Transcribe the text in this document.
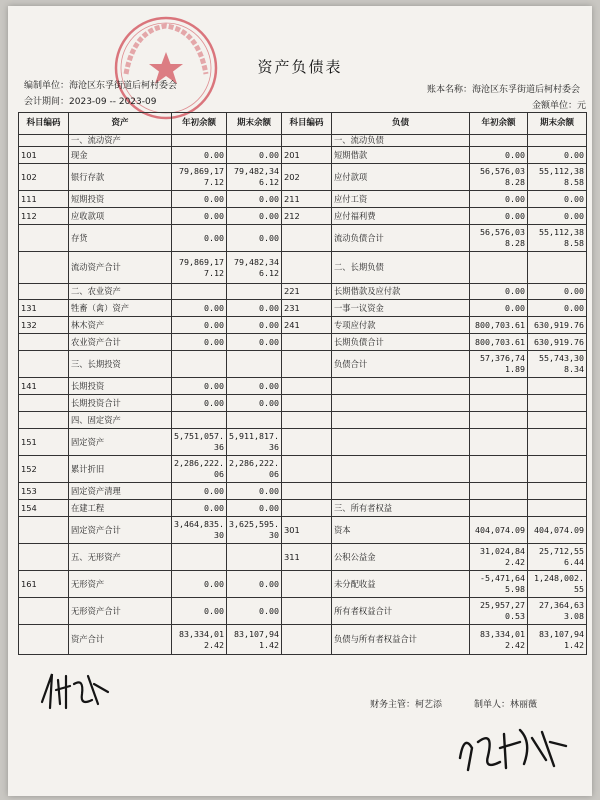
资产负债表
编制单位：海沧区东孚街道后柯村委会
会计期间：2023-09 -- 2023-09
账本名称：海沧区东孚街道后柯村委会
金额单位：元
科目编码	资产	年初余额	期末余额	科目编码	负债	年初余额	期末余额
	一、流动资产				一、流动负债		
101	现金	0.00	0.00	201	短期借款	0.00	0.00
102	银行存款	79,869,177.12	79,482,346.12	202	应付款项	56,576,038.28	55,112,388.58
111	短期投资	0.00	0.00	211	应付工资	0.00	0.00
112	应收款项	0.00	0.00	212	应付福利费	0.00	0.00
	存货	0.00	0.00		流动负债合计	56,576,038.28	55,112,388.58
	流动资产合计	79,869,177.12	79,482,346.12		二、长期负债		
	二、农业资产			221	长期借款及应付款	0.00	0.00
131	牲畜（禽）资产	0.00	0.00	231	一事一议资金	0.00	0.00
132	林木资产	0.00	0.00	241	专项应付款	800,703.61	630,919.76
	农业资产合计	0.00	0.00		长期负债合计	800,703.61	630,919.76
	三、长期投资				负债合计	57,376,741.89	55,743,308.34
141	长期投资	0.00	0.00				
	长期投资合计	0.00	0.00				
	四、固定资产						
151	固定资产	5,751,057.36	5,911,817.36				
152	累计折旧	2,286,222.06	2,286,222.06				
153	固定资产清理	0.00	0.00				
154	在建工程	0.00	0.00		三、所有者权益		
	固定资产合计	3,464,835.30	3,625,595.30	301	资本	404,074.09	404,074.09
	五、无形资产			311	公积公益金	31,024,842.42	25,712,556.44
161	无形资产	0.00	0.00		未分配收益	-5,471,645.98	1,248,002.55
	无形资产合计	0.00	0.00		所有者权益合计	25,957,270.53	27,364,633.08
	资产合计	83,334,012.42	83,107,941.42		负债与所有者权益合计	83,334,012.42	83,107,941.42
财务主管：柯艺添	制单人：林丽薇
